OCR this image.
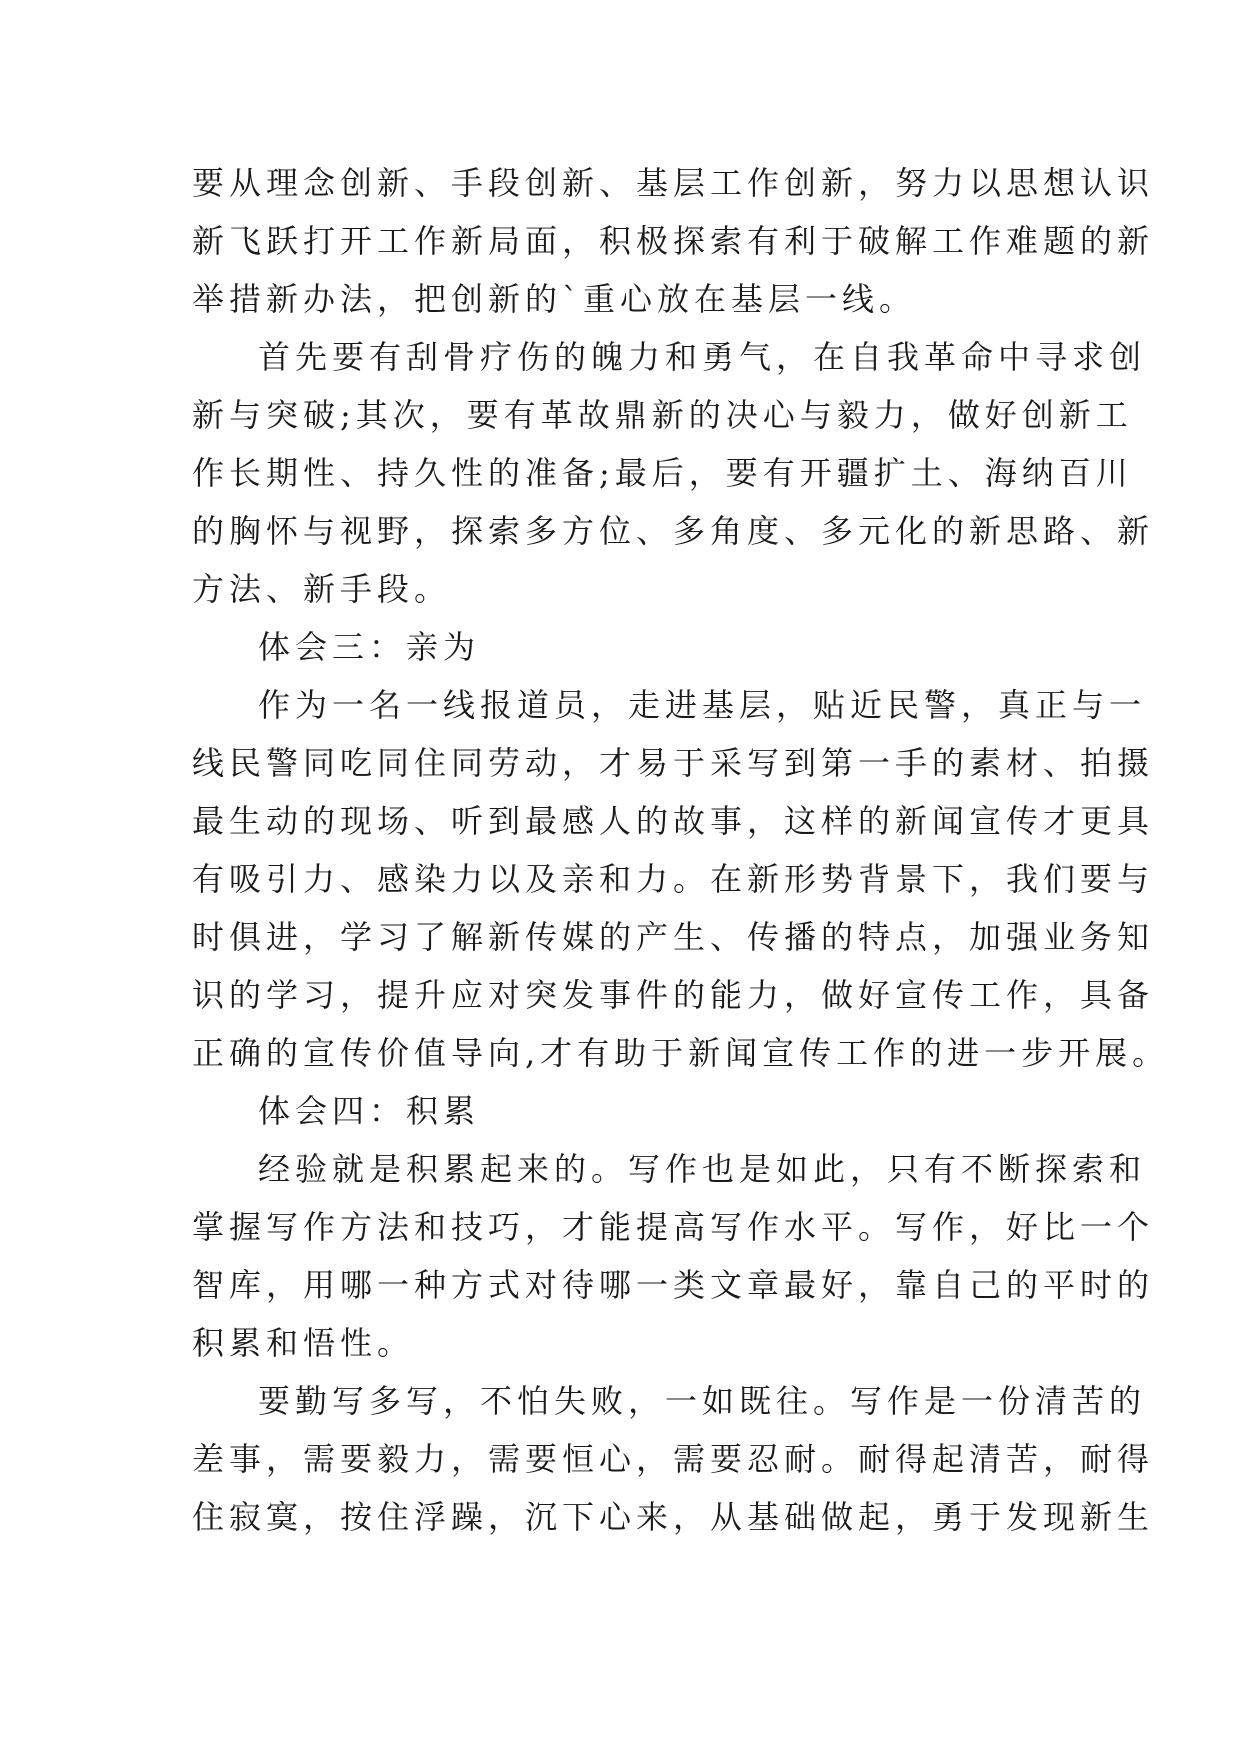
要从理念创新、手段创新、基层工作创新，努力以思想认识
新飞跃打开工作新局面，积极探索有利于破解工作难题的新
举措新办法，把创新的`重心放在基层一线。
首先要有刮骨疗伤的魄力和勇气，在自我革命中寻求创
新与突破;其次，要有革故鼎新的决心与毅力，做好创新工
作长期性、持久性的准备;最后，要有开疆扩土、海纳百川
的胸怀与视野，探索多方位、多角度、多元化的新思路、新
方法、新手段。
体会三：亲为
作为一名一线报道员，走进基层，贴近民警，真正与一
线民警同吃同住同劳动，才易于采写到第一手的素材、拍摄
最生动的现场、听到最感人的故事，这样的新闻宣传才更具
有吸引力、感染力以及亲和力。在新形势背景下，我们要与
时俱进，学习了解新传媒的产生、传播的特点，加强业务知
识的学习，提升应对突发事件的能力，做好宣传工作，具备
正确的宣传价值导向,才有助于新闻宣传工作的进一步开展。
体会四：积累
经验就是积累起来的。写作也是如此，只有不断探索和
掌握写作方法和技巧，才能提高写作水平。写作，好比一个
智库，用哪一种方式对待哪一类文章最好，靠自己的平时的
积累和悟性。
要勤写多写，不怕失败，一如既往。写作是一份清苦的
差事，需要毅力，需要恒心，需要忍耐。耐得起清苦，耐得
住寂寞，按住浮躁，沉下心来，从基础做起，勇于发现新生
